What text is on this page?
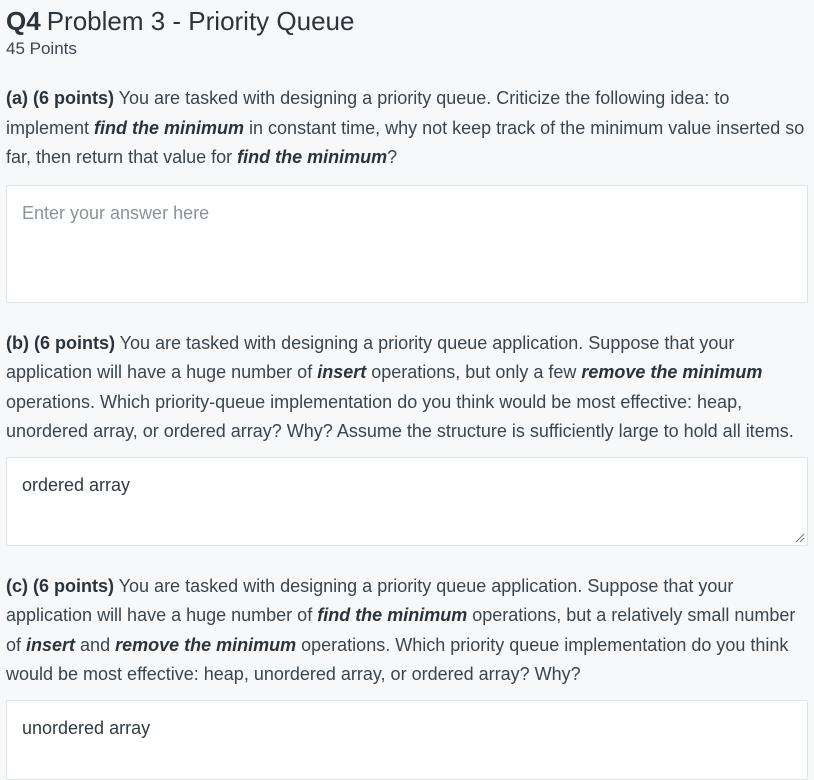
Q4 Problem 3 - Priority Queue
45 Points

(a) (6 points) You are tasked with designing a priority queue. Criticize the following idea: to implement find the minimum in constant time, why not keep track of the minimum value inserted so far, then return that value for find the minimum?

Enter your answer here

(b) (6 points) You are tasked with designing a priority queue application. Suppose that your application will have a huge number of insert operations, but only a few remove the minimum operations. Which priority-queue implementation do you think would be most effective: heap, unordered array, or ordered array? Why? Assume the structure is sufficiently large to hold all items.

ordered array

(c) (6 points) You are tasked with designing a priority queue application. Suppose that your application will have a huge number of find the minimum operations, but a relatively small number of insert and remove the minimum operations. Which priority queue implementation do you think would be most effective: heap, unordered array, or ordered array? Why?

unordered array
